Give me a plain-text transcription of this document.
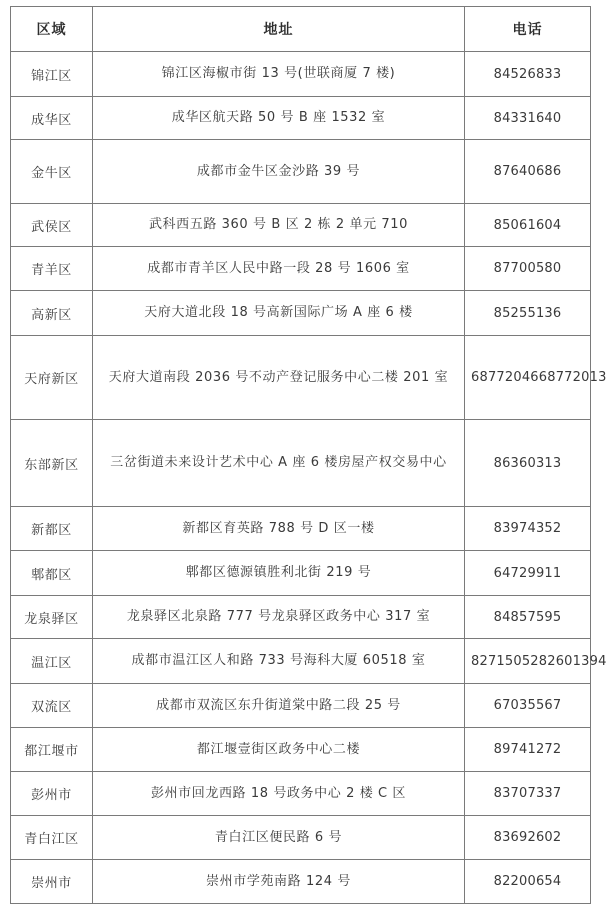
区域	地址	电话
锦江区	锦江区海椒市街 13 号(世联商厦 7 楼)	84526833
成华区	成华区航天路 50 号 B 座 1532 室	84331640
金牛区	成都市金牛区金沙路 39 号	87640686
武侯区	武科西五路 360 号 B 区 2 栋 2 单元 710	85061604
青羊区	成都市青羊区人民中路一段 28 号 1606 室	87700580
高新区	天府大道北段 18 号高新国际广场 A 座 6 楼	85255136
天府新区	天府大道南段 2036 号不动产登记服务中心二楼 201 室	6877204668772013
东部新区	三岔街道未来设计艺术中心 A 座 6 楼房屋产权交易中心	86360313
新都区	新都区育英路 788 号 D 区一楼	83974352
郫都区	郫都区德源镇胜利北街 219 号	64729911
龙泉驿区	龙泉驿区北泉路 777 号龙泉驿区政务中心 317 室	84857595
温江区	成都市温江区人和路 733 号海科大厦 60518 室	8271505282601394
双流区	成都市双流区东升街道棠中路二段 25 号	67035567
都江堰市	都江堰壹街区政务中心二楼	89741272
彭州市	彭州市回龙西路 18 号政务中心 2 楼 C 区	83707337
青白江区	青白江区便民路 6 号	83692602
崇州市	崇州市学苑南路 124 号	82200654
